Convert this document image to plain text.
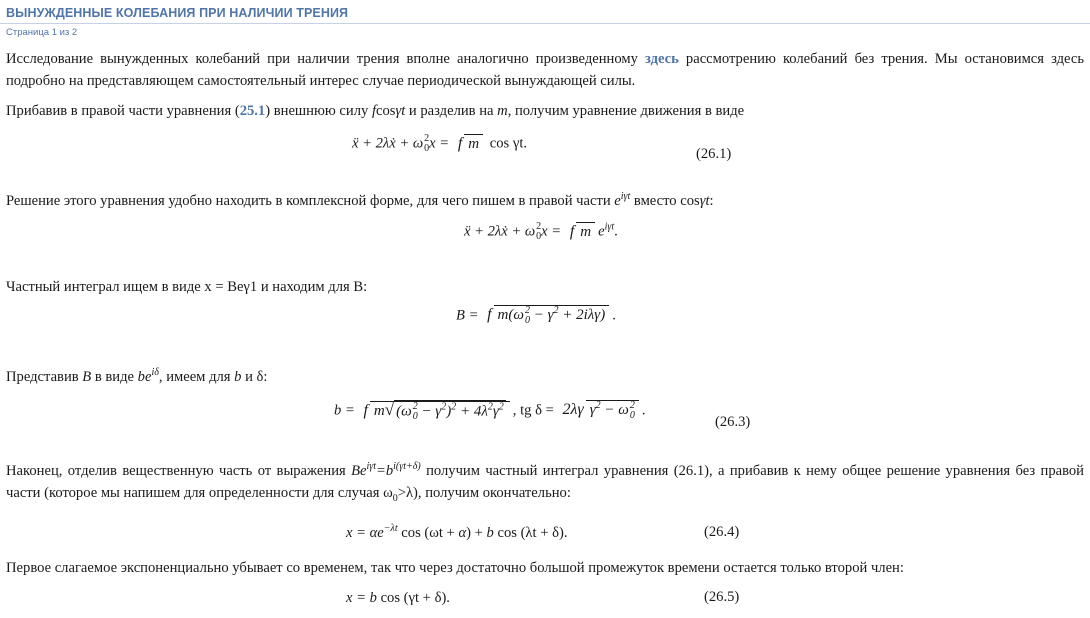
ВЫНУЖДЕННЫЕ КОЛЕБАНИЯ ПРИ НАЛИЧИИ ТРЕНИЯ
Страница 1 из 2

Исследование вынужденных колебаний при наличии трения вполне аналогично произведенному здесь рассмотрению колебаний без трения. Мы остановимся здесь подробно на представляющем самостоятельный интерес случае периодической вынуждающей силы.

Прибавив в правой части уравнения (25.1) внешнюю силу fcosγt и разделив на m, получим уравнение движения в виде

ẍ + 2λẋ + ω 2
0 x = f m cos γt.
(26.1)

Решение этого уравнения удобно находить в комплексной форме, для чего пишем в правой части $e^{i\gamma t}$ вместо cosγt:

ẍ + 2λẋ + ω 2
0 x = f m $e^{i\gamma t}$.

Частный интеграл ищем в виде x = Beγ1 и находим для B:

B = f m(ω 2
$0 - \gamma^2 + 2i\lambda\gamma$) .

Представив B в виде $be^{i\delta}$, имеем для b и δ:

b = f m√ (ω 2
$0 - \gamma^2)^2 + 4\lambda^2\gamma^2$ , tg δ = 2λγ $\gamma^2 - \omega$ 2
0 .
(26.3)

Наконец, отделив вещественную часть от выражения $Be^{i\gamma t}=b^{i(\gamma t+\delta)}$ получим частный интеграл уравнения (26.1), а прибавив к нему общее решение уравнения без правой части (которое мы напишем для определенности для случая $\omega_0>\lambda$), получим окончательно:

$x = \alpha e^{-\lambda t}$ cos (ωt + α) + b cos (λt + δ).	(26.4)

Первое слагаемое экспоненциально убывает со временем, так что через достаточно большой промежуток времени остается только второй член:

x = b cos (γt + δ).	(26.5)
